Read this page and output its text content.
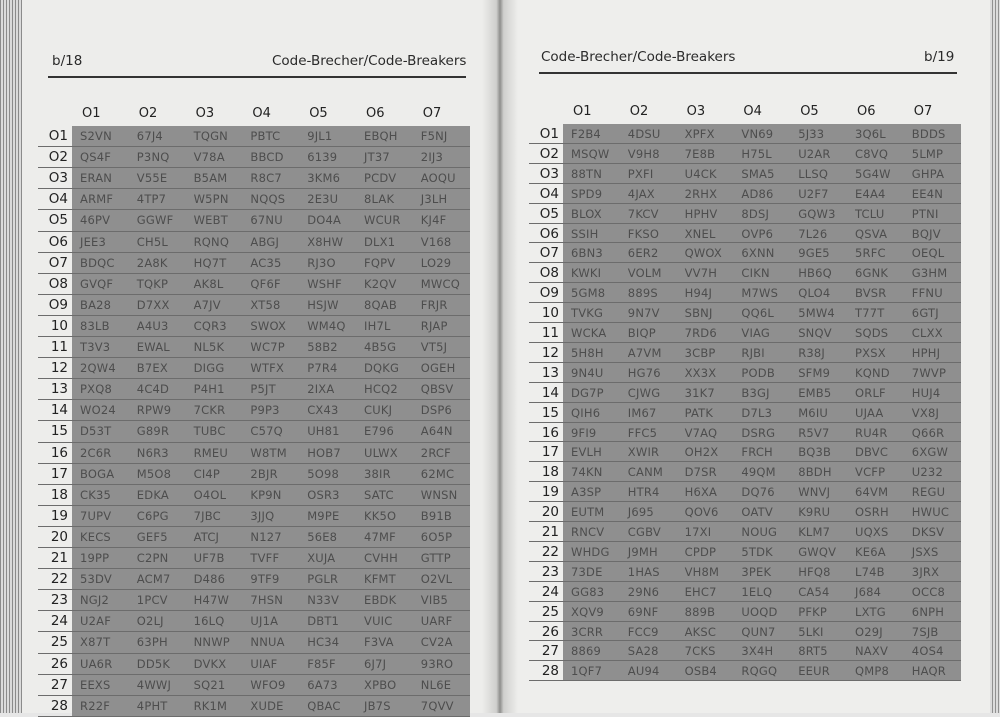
b/18	Code-Brecher/Code-Breakers	Code-Brecher/Code-Breakers	b/19
O1	O2	O3	O4	O5	O6	O7
O1 S2VN 67J4	TQGN PBTC 9JL1	EBQH F5NJ
O2 QS4F P3NQ V78A BBCD 6139 JT37	2IJ3
O3 ERAN V55E B5AM R8C7 3KM6 PCDV AOQU
O4 ARMF 4TP7 W5PN NQQS 2E3U 8LAK J3LH
O5 46PV GGWF WEBT 67NU DO4A WCUR KJ4F
O6 JEE3	CH5L RQNQ ABGJ X8HW DLX1 V168
O7 BDQC 2A8K HQ7T AC35 RJ3O FQPV LO29
O8 GVQF TQKP AK8L QF6F WSHF K2QV MWCQ
O9 BA28 D7XX A7JV	XT58 HSJW 8QAB FRJR
10 83LB A4U3 CQR3 SWOX WM4Q IH7L	RJAP
11 T3V3 EWAL NL5K WC7P 58B2 4B5G VT5J
12 2QW4 B7EX DIGG WTFX P7R4 DQKG OGEH
13 PXQ8 4C4D P4H1 P5JT	2IXA	HCQ2 QBSV
14 WO24 RPW9 7CKR P9P3 CX43 CUKJ DSP6
15 D53T G89R TUBC C57Q UH81 E796 A64N
16 2C6R N6R3 RMEU W8TM HOB7 ULWX 2RCF
17 BOGA M5O8 CI4P	2BJR	5O98 38IR	62MC
18 CK35 EDKA O4OL KP9N OSR3 SATC WNSN
19 7UPV C6PG 7JBC	3JJQ	M9PE KK5O B91B
20 KECS GEF5 ATCJ	N127 56E8 47MF 6O5P
21 19PP C2PN UF7B TVFF XUJA CVHH GTTP
22 53DV ACM7 D486 9TF9 PGLR KFMT O2VL
23 NGJ2 1PCV H47W 7HSN N33V EBDK VIB5
24 U2AF O2LJ	16LQ UJ1A	DBT1 VUIC UARF
25 X87T 63PH NNWP NNUA HC34 F3VA CV2A
26 UA6R DD5K DVKX UIAF	F85F 6J7J	93RO
27 EEXS 4WWJ SQ21 WFO9 6A73 XPBO NL6E
28 R22F 4PHT RK1M XUDE QBAC JB7S	7QVV
O1	O2	O3	O4	O5	O6	O7
O1 F2B4 4DSU XPFX VN69 5J33	3Q6L BDDS
O2 MSQW V9H8 7E8B H75L U2AR C8VQ 5LMP
O3 88TN PXFI	U4CK SMA5 LLSQ 5G4W GHPA
O4 SPD9 4JAX	2RHX AD86 U2F7 E4A4 EE4N
O5 BLOX 7KCV HPHV 8DSJ	GQW3 TCLU PTNI
O6 SSIH	FKSO XNEL OVP6 7L26 QSVA BQJV
O7 6BN3 6ER2 QWOX 6XNN 9GE5 5RFC OEQL
O8 KWKI VOLM VV7H CIKN HB6Q 6GNK G3HM
O9 5GM8 889S H94J	M7WS QLO4 BVSR FFNU
10 TVKG 9N7V SBNJ	QQ6L 5MW4 T77T 6GTJ
11 WCKA BIQP 7RD6 VIAG SNQV SQDS CLXX
12 5H8H A7VM 3CBP RJBI	R38J	PXSX HPHJ
13 9N4U HG76 XX3X PODB SFM9 KQND 7WVP
14 DG7P CJWG 31K7 B3GJ EMB5 ORLF HUJ4
15 QIH6 IM67 PATK D7L3 M6IU UJAA VX8J
16 9FI9	FFC5 V7AQ DSRG R5V7 RU4R Q66R
17 EVLH XWIR OH2X FRCH BQ3B DBVC 6XGW
18 74KN CANM D7SR 49QM 8BDH VCFP U232
19 A3SP HTR4 H6XA DQ76 WNVJ 64VM REGU
20 EUTM J695	QOV6 OATV K9RU OSRH HWUC
21 RNCV CGBV 17XI	NOUG KLM7 UQXS DKSV
22 WHDG J9MH CPDP 5TDK GWQV KE6A JSXS
23 73DE 1HAS VH8M 3PEK HFQ8 L74B 3JRX
24 GG83 29N6 EHC7 1ELQ CA54 J684	OCC8
25 XQV9 69NF 889B UOQD PFKP LXTG 6NPH
26 3CRR FCC9 AKSC QUN7 5LKI	O29J	7SJB
27 8869 SA28 7CKS 3X4H 8RT5 NAXV 4OS4
28 1QF7 AU94 OSB4 RQGQ EEUR QMP8 HAQR
